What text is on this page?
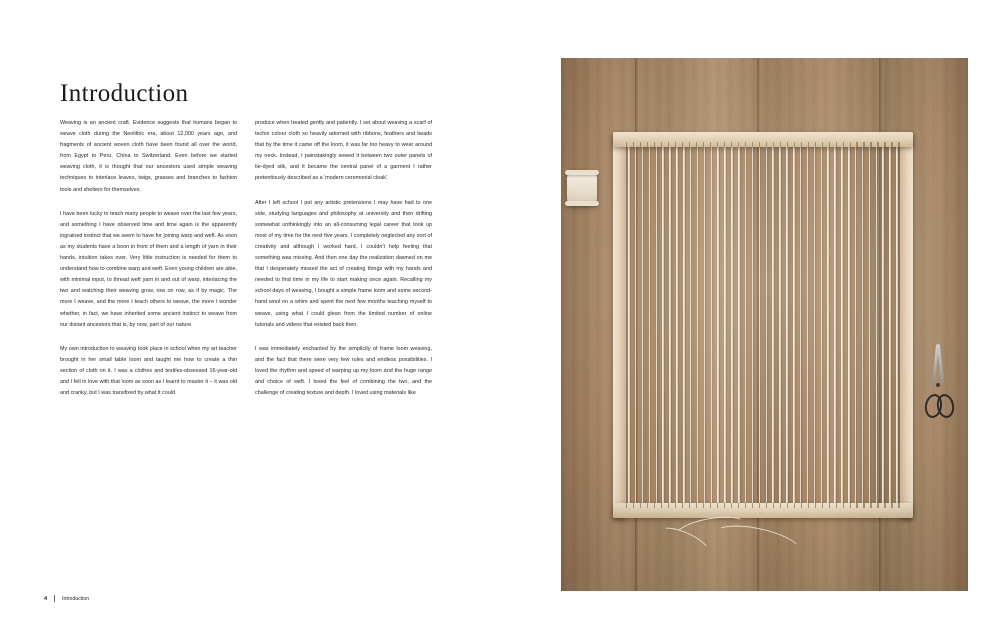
Introduction

Weaving is an ancient craft. Evidence suggests that humans began to weave cloth during the Neolithic era, about 12,000 years ago, and fragments of ancient woven cloth have been found all over the world, from Egypt to Peru, China to Switzerland. Even before we started weaving cloth, it is thought that our ancestors used simple weaving techniques to interlace leaves, twigs, grasses and branches to fashion tools and shelters for themselves.

I have been lucky to teach many people to weave over the last few years, and something I have observed time and time again is the apparently ingrained instinct that we seem to have for joining warp and weft. As soon as my students have a boon in front of them and a length of yarn in their hands, intuition takes over. Very little instruction is needed for them to understand how to combine warp and weft. Even young children are able, with minimal input, to thread weft yarn in and out of warp, interlacing the two and watching their weaving grow, row on row, as if by magic. The more I weave, and the more I teach others to weave, the more I wonder whether, in fact, we have inherited some ancient instinct to weave from our distant ancestors that is, by now, part of our nature.

My own introduction to weaving took place in school when my art teacher brought in her small table loom and taught me how to create a thin section of cloth on it. I was a clothes and textiles-obsessed 16-year-old and I fell in love with that loom as soon as I learnt to master it – it was old and cranky, but I was transfixed by what it could

produce when treated gently and patiently. I set about weaving a scarf of techni colour cloth so heavily adorned with ribbons, feathers and beads that by the time it came off the loom, it was far too heavy to wear around my neck. Instead, I painstakingly sewed it between two outer panels of tie-dyed silk, and it became the central panel of a garment I rather pretentiously described as a 'modern ceremonial cloak'.

After I left school I put any artistic pretensions I may have had to one side, studying languages and philosophy at university and then drifting somewhat unthinkingly into an all-consuming legal career that took up most of my time for the next five years. I completely neglected any sort of creativity and although I worked hard, I couldn't help feeling that something was missing. And then one day the realization dawned on me that I desperately missed the act of creating things with my hands and needed to find time in my life to start making once again. Recalling my school days of weaving, I bought a simple frame loom and some second-hand wool on a whim and spent the next few months teaching myself to weave, using what I could glean from the limited number of online tutorials and videos that existed back then.

I was immediately enchanted by the simplicity of frame loom weaving, and the fact that there were very few rules and endless possibilities. I loved the rhythm and speed of warping up my loom and the huge range and choice of weft. I loved the feel of combining the two, and the challenge of creating texture and depth. I loved using materials like

4	Introduction
